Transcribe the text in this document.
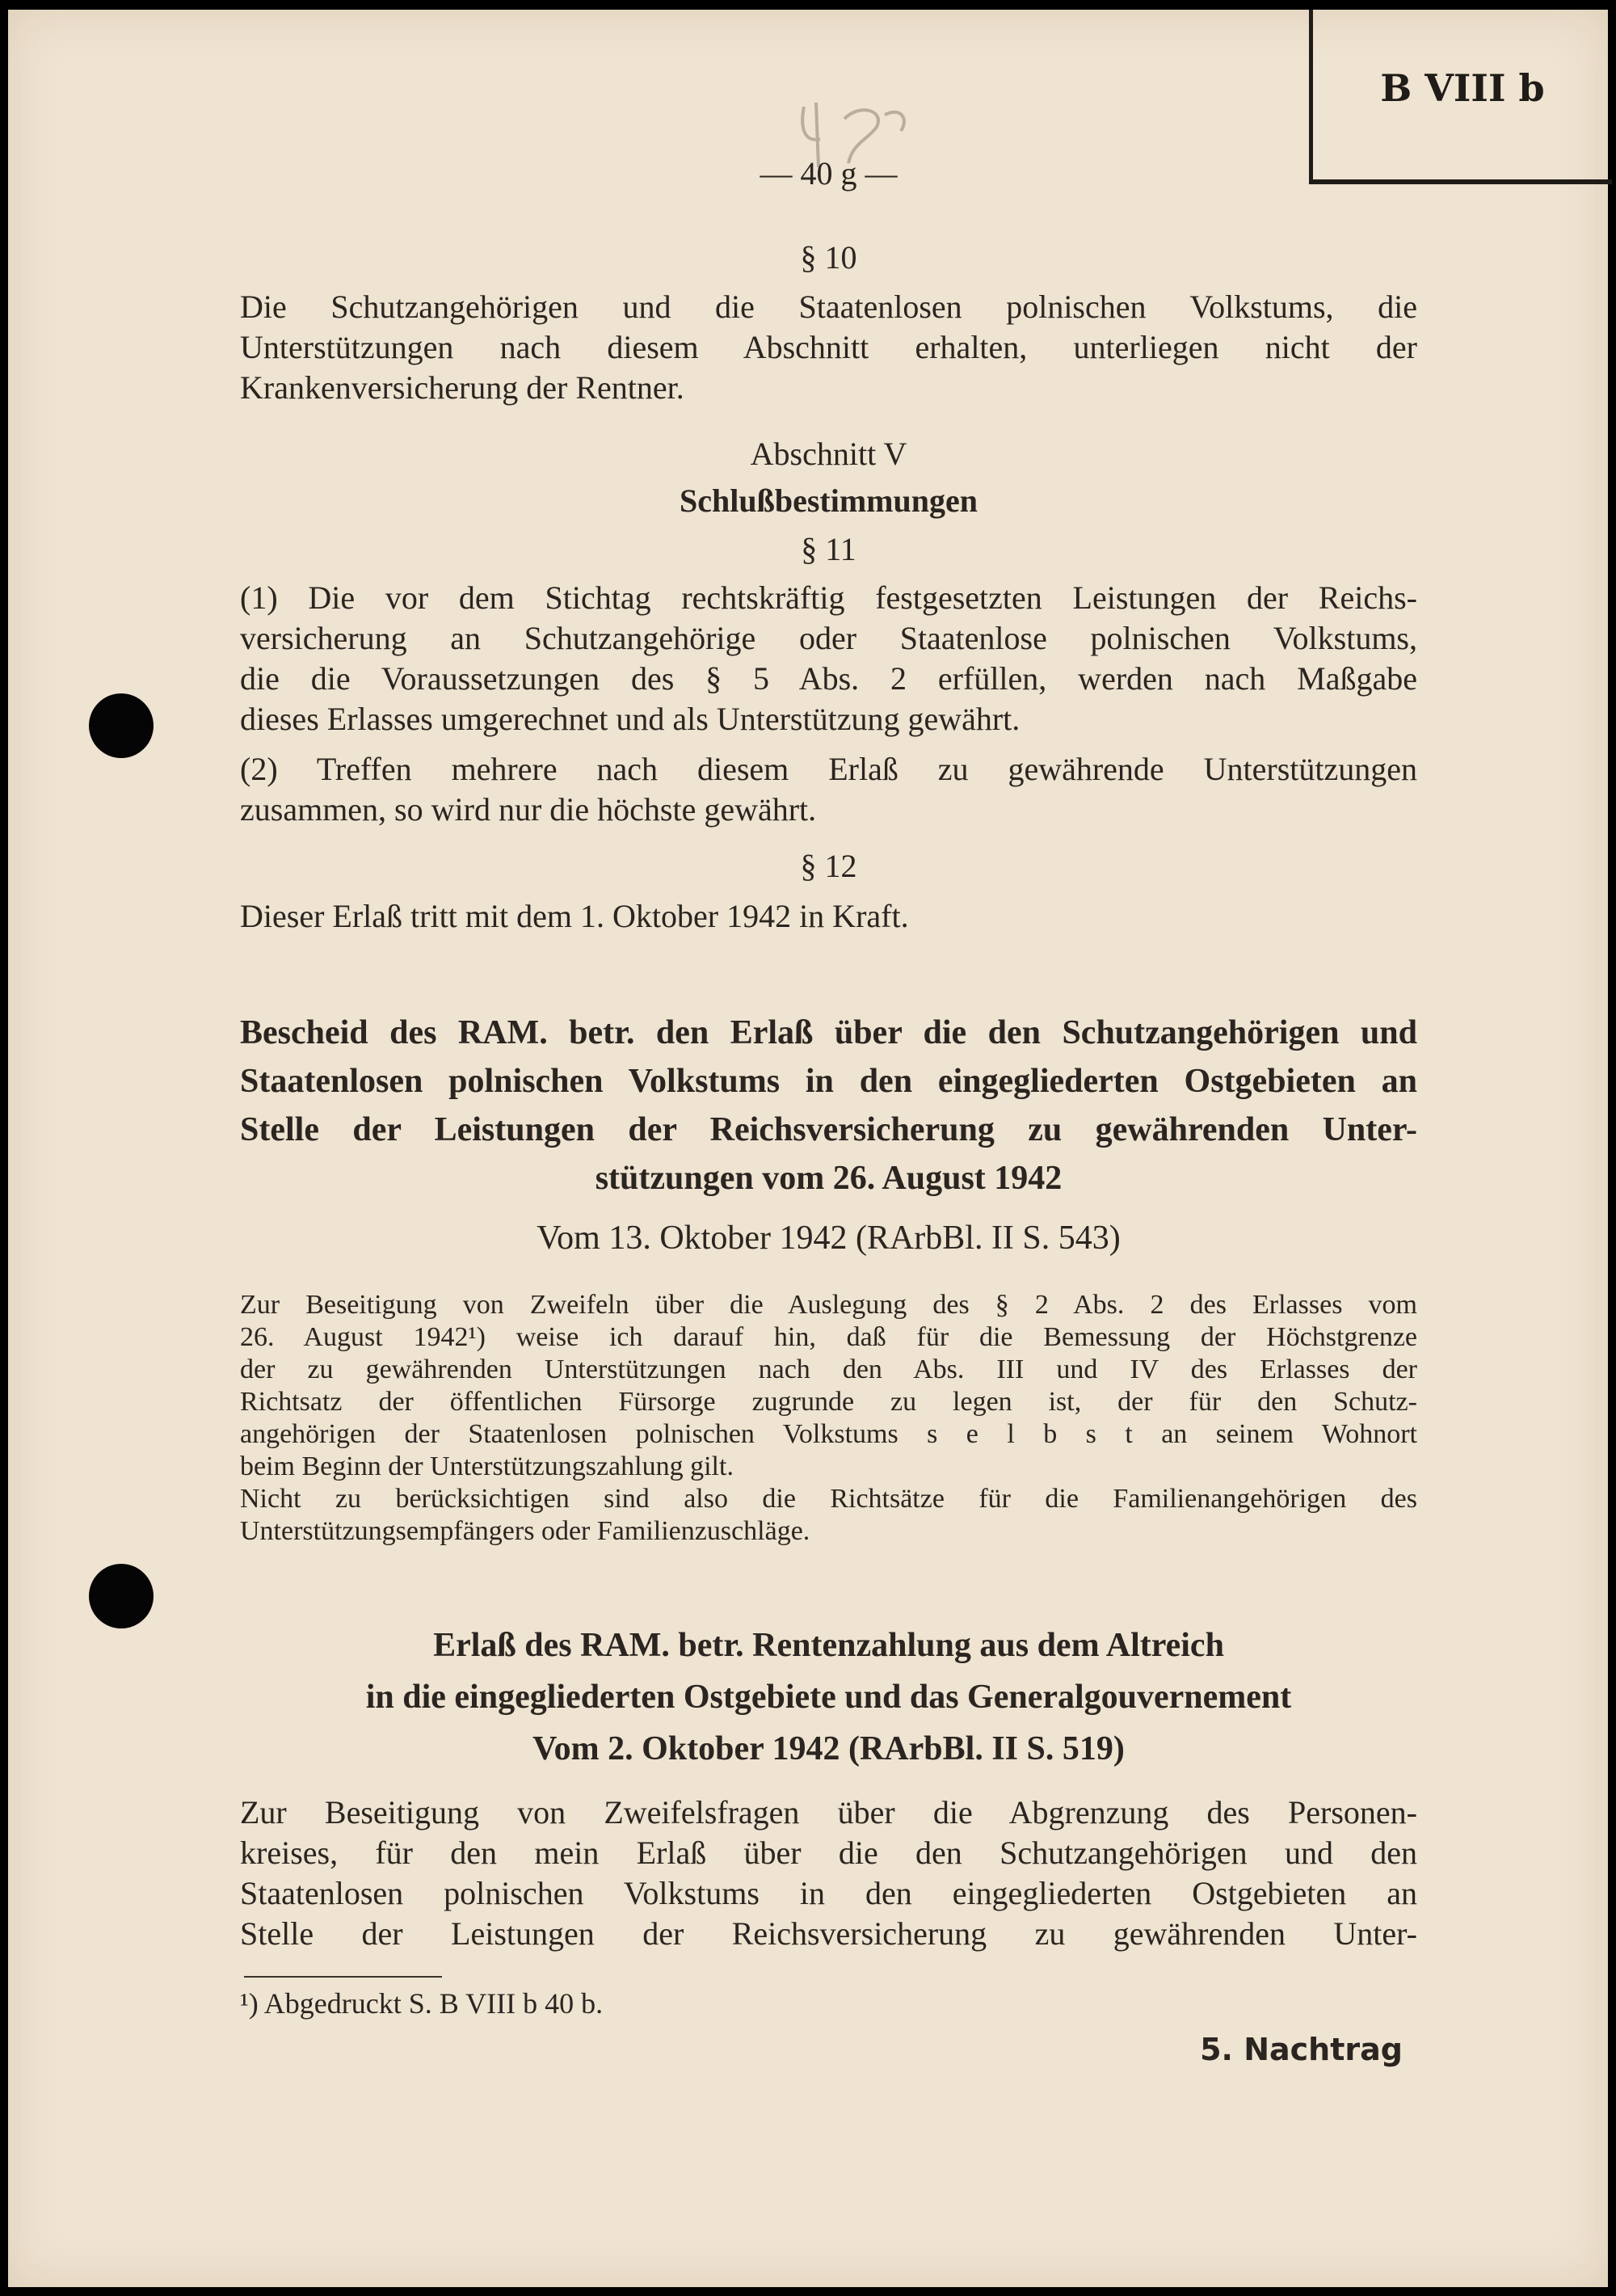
B VIII b
— 40 g —
§ 10
Die Schutzangehörigen und die Staatenlosen polnischen Volkstums, die
Unterstützungen nach diesem Abschnitt erhalten, unterliegen nicht der
Krankenversicherung der Rentner.
Abschnitt V
Schlußbestimmungen
§ 11
(1) Die vor dem Stichtag rechtskräftig festgesetzten Leistungen der Reichs-
versicherung an Schutzangehörige oder Staatenlose polnischen Volkstums,
die die Voraussetzungen des § 5 Abs. 2 erfüllen, werden nach Maßgabe
dieses Erlasses umgerechnet und als Unterstützung gewährt.
(2) Treffen mehrere nach diesem Erlaß zu gewährende Unterstützungen
zusammen, so wird nur die höchste gewährt.
§ 12
Dieser Erlaß tritt mit dem 1. Oktober 1942 in Kraft.
Bescheid des RAM. betr. den Erlaß über die den Schutzangehörigen und
Staatenlosen polnischen Volkstums in den eingegliederten Ostgebieten an
Stelle der Leistungen der Reichsversicherung zu gewährenden Unter-
stützungen vom 26. August 1942
Vom 13. Oktober 1942 (RArbBl. II S. 543)
Zur Beseitigung von Zweifeln über die Auslegung des § 2 Abs. 2 des Erlasses vom
26. August 1942¹) weise ich darauf hin, daß für die Bemessung der Höchstgrenze
der zu gewährenden Unterstützungen nach den Abs. III und IV des Erlasses der
Richtsatz der öffentlichen Fürsorge zugrunde zu legen ist, der für den Schutz-
angehörigen der Staatenlosen polnischen Volkstums s e l b s t an seinem Wohnort
beim Beginn der Unterstützungszahlung gilt.
Nicht zu berücksichtigen sind also die Richtsätze für die Familienangehörigen des
Unterstützungsempfängers oder Familienzuschläge.
Erlaß des RAM. betr. Rentenzahlung aus dem Altreich
in die eingegliederten Ostgebiete und das Generalgouvernement
Vom 2. Oktober 1942 (RArbBl. II S. 519)
Zur Beseitigung von Zweifelsfragen über die Abgrenzung des Personen-
kreises, für den mein Erlaß über die den Schutzangehörigen und den
Staatenlosen polnischen Volkstums in den eingegliederten Ostgebieten an
Stelle der Leistungen der Reichsversicherung zu gewährenden Unter-
¹) Abgedruckt S. B VIII b 40 b.
5. Nachtrag
